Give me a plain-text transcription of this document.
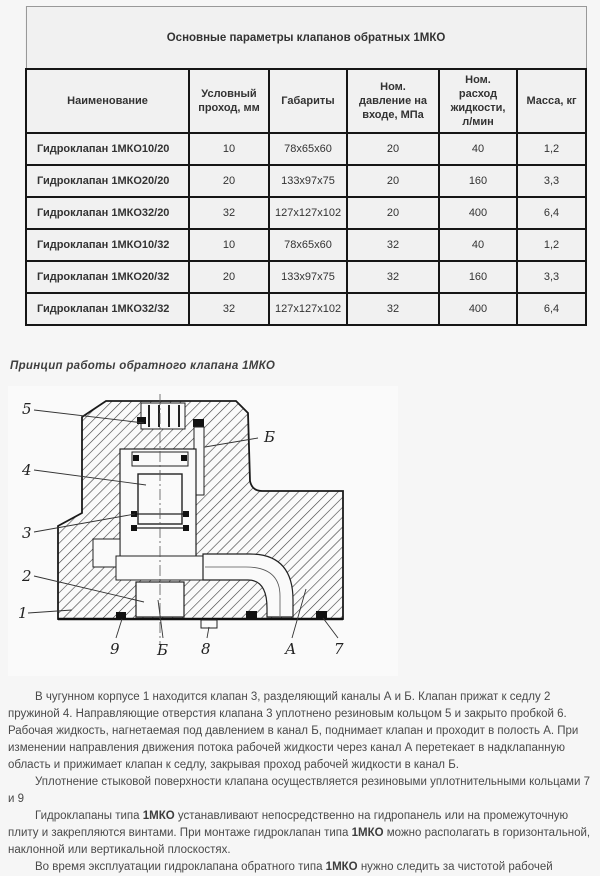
Основные параметры клапанов обратных 1МКО					
Наименование	Условный проход, мм	Габариты	Ном. давление на входе, МПа	Ном. расход жидкости, л/мин	Масса, кг
Гидроклапан 1МКО10/20	10	78х65х60	20	40	1,2
Гидроклапан 1МКО20/20	20	133х97х75	20	160	3,3
Гидроклапан 1МКО32/20	32	127х127х102	20	400	6,4
Гидроклапан 1МКО10/32	10	78х65х60	32	40	1,2
Гидроклапан 1МКО20/32	20	133х97х75	32	160	3,3
Гидроклапан 1МКО32/32	32	127х127х102	32	400	6,4
Принцип работы обратного клапана 1МКО
5
Б
4
3
2
1
9 Б 8	А	7

В чугунном корпусе 1 находится клапан 3, разделяющий каналы А и Б. Клапан прижат к седлу 2 пружиной 4. Направляющие отверстия клапана 3 уплотнено резиновым кольцом 5 и закрыто пробкой 6. Рабочая жидкость, нагнетаемая под давлением в канал Б, поднимает клапан и проходит в полость А. При изменении направления движения потока рабочей жидкости через канал А перетекает в надклапанную область и прижимает клапан к седлу, закрывая проход рабочей жидкости в канал Б.

Уплотнение стыковой поверхности клапана осуществляется резиновыми уплотнительными кольцами 7 и 9

Гидроклапаны типа 1МКО устанавливают непосредственно на гидропанель или на промежуточную плиту и закрепляются винтами. При монтаже гидроклапан типа 1МКО можно располагать в горизонтальной, наклонной или вертикальной плоскостях.

Во время эксплуатации гидроклапана обратного типа 1МКО нужно следить за чистотой рабочей
